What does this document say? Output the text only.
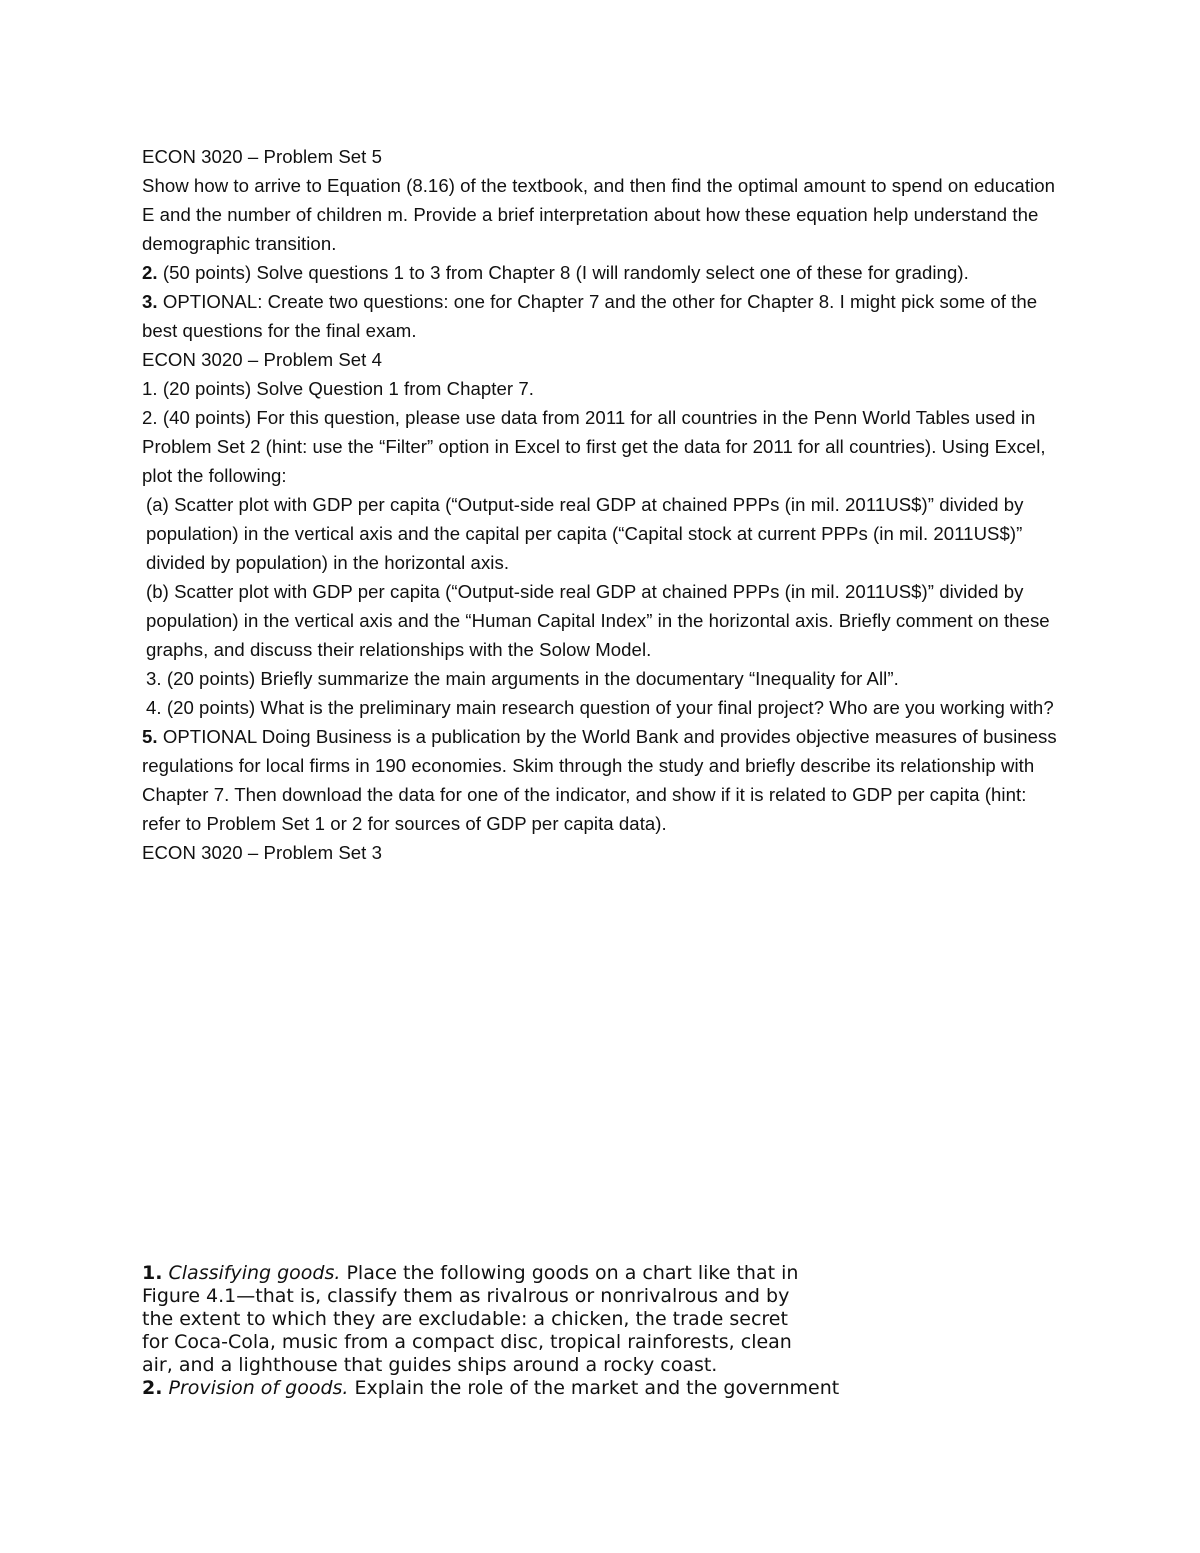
ECON 3020 – Problem Set 5

Show how to arrive to Equation (8.16) of the textbook, and then find the optimal amount to spend on education E and the number of children m. Provide a brief interpretation about how these equation help understand the demographic transition.

2. (50 points) Solve questions 1 to 3 from Chapter 8 (I will randomly select one of these for grading).

3. OPTIONAL: Create two questions: one for Chapter 7 and the other for Chapter 8. I might pick some of the best questions for the final exam.

ECON 3020 – Problem Set 4

1. (20 points) Solve Question 1 from Chapter 7.

2. (40 points) For this question, please use data from 2011 for all countries in the Penn World Tables used in Problem Set 2 (hint: use the “Filter” option in Excel to first get the data for 2011 for all countries). Using Excel, plot the following:

(a) Scatter plot with GDP per capita (“Output-side real GDP at chained PPPs (in mil. 2011US$)” divided by population) in the vertical axis and the capital per capita (“Capital stock at current PPPs (in mil. 2011US$)” divided by population) in the horizontal axis.

(b) Scatter plot with GDP per capita (“Output-side real GDP at chained PPPs (in mil. 2011US$)” divided by population) in the vertical axis and the “Human Capital Index” in the horizontal axis. Briefly comment on these graphs, and discuss their relationships with the Solow Model.

3. (20 points) Briefly summarize the main arguments in the documentary “Inequality for All”.

4. (20 points) What is the preliminary main research question of your final project? Who are you working with?

5. OPTIONAL Doing Business is a publication by the World Bank and provides objective measures of business regulations for local firms in 190 economies. Skim through the study and briefly describe its relationship with Chapter 7. Then download the data for one of the indicator, and show if it is related to GDP per capita (hint: refer to Problem Set 1 or 2 for sources of GDP per capita data).

ECON 3020 – Problem Set 3

1. Classifying goods. Place the following goods on a chart like that in
Figure 4.1—that is, classify them as rivalrous or nonrivalrous and by
the extent to which they are excludable: a chicken, the trade secret
for Coca-Cola, music from a compact disc, tropical rainforests, clean
air, and a lighthouse that guides ships around a rocky coast.

2. Provision of goods. Explain the role of the market and the government
